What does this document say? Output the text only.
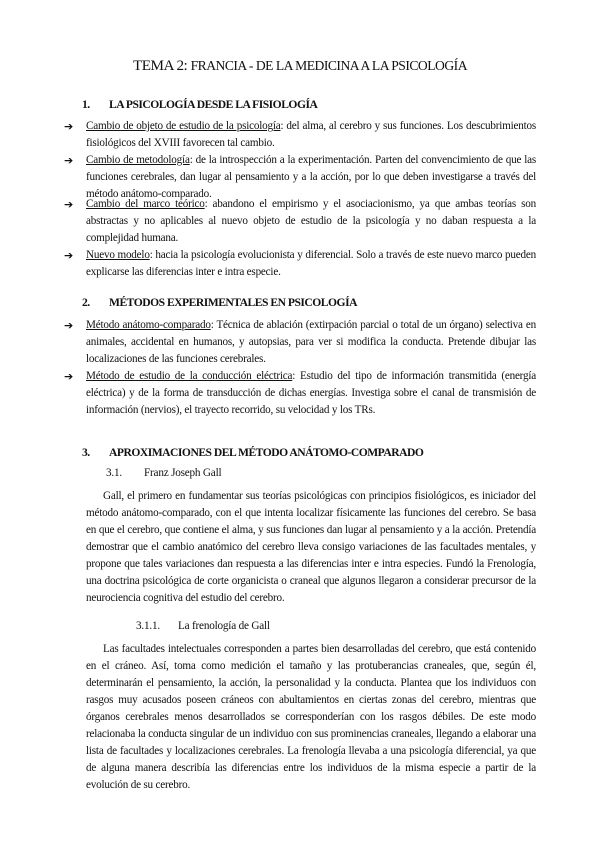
TEMA 2: FRANCIA - DE LA MEDICINA A LA PSICOLOGÍA
1. LA PSICOLOGÍA DESDE LA FISIOLOGÍA
➔ Cambio de objeto de estudio de la psicología: del alma, al cerebro y sus funciones. Los descubrimientos fisiológicos del XVIII favorecen tal cambio.
➔ Cambio de metodología: de la introspección a la experimentación. Parten del convencimiento de que las funciones cerebrales, dan lugar al pensamiento y a la acción, por lo que deben investigarse a través del método anátomo-comparado.
➔ Cambio del marco teórico: abandono el empirismo y el asociacionismo, ya que ambas teorías son abstractas y no aplicables al nuevo objeto de estudio de la psicología y no daban respuesta a la complejidad humana.
➔ Nuevo modelo: hacia la psicología evolucionista y diferencial. Solo a través de este nuevo marco pueden explicarse las diferencias inter e intra especie.
2. MÉTODOS EXPERIMENTALES EN PSICOLOGÍA
➔ Método anátomo-comparado: Técnica de ablación (extirpación parcial o total de un órgano) selectiva en animales, accidental en humanos, y autopsias, para ver si modifica la conducta. Pretende dibujar las localizaciones de las funciones cerebrales.
➔ Método de estudio de la conducción eléctrica: Estudio del tipo de información transmitida (energía eléctrica) y de la forma de transducción de dichas energías. Investiga sobre el canal de transmisión de información (nervios), el trayecto recorrido, su velocidad y los TRs.
3. APROXIMACIONES DEL MÉTODO ANÁTOMO-COMPARADO
3.1. Franz Joseph Gall
Gall, el primero en fundamentar sus teorías psicológicas con principios fisiológicos, es iniciador del método anátomo-comparado, con el que intenta localizar físicamente las funciones del cerebro. Se basa en que el cerebro, que contiene el alma, y sus funciones dan lugar al pensamiento y a la acción. Pretendía demostrar que el cambio anatómico del cerebro lleva consigo variaciones de las facultades mentales, y propone que tales variaciones dan respuesta a las diferencias inter e intra especies. Fundó la Frenología, una doctrina psicológica de corte organicista o craneal que algunos llegaron a considerar precursor de la neurociencia cognitiva del estudio del cerebro.
3.1.1. La frenología de Gall
Las facultades intelectuales corresponden a partes bien desarrolladas del cerebro, que está contenido en el cráneo. Así, toma como medición el tamaño y las protuberancias craneales, que, según él, determinarán el pensamiento, la acción, la personalidad y la conducta. Plantea que los individuos con rasgos muy acusados poseen cráneos con abultamientos en ciertas zonas del cerebro, mientras que órganos cerebrales menos desarrollados se corresponderían con los rasgos débiles. De este modo relacionaba la conducta singular de un individuo con sus prominencias craneales, llegando a elaborar una lista de facultades y localizaciones cerebrales. La frenología llevaba a una psicología diferencial, ya que de alguna manera describía las diferencias entre los individuos de la misma especie a partir de la evolución de su cerebro.
